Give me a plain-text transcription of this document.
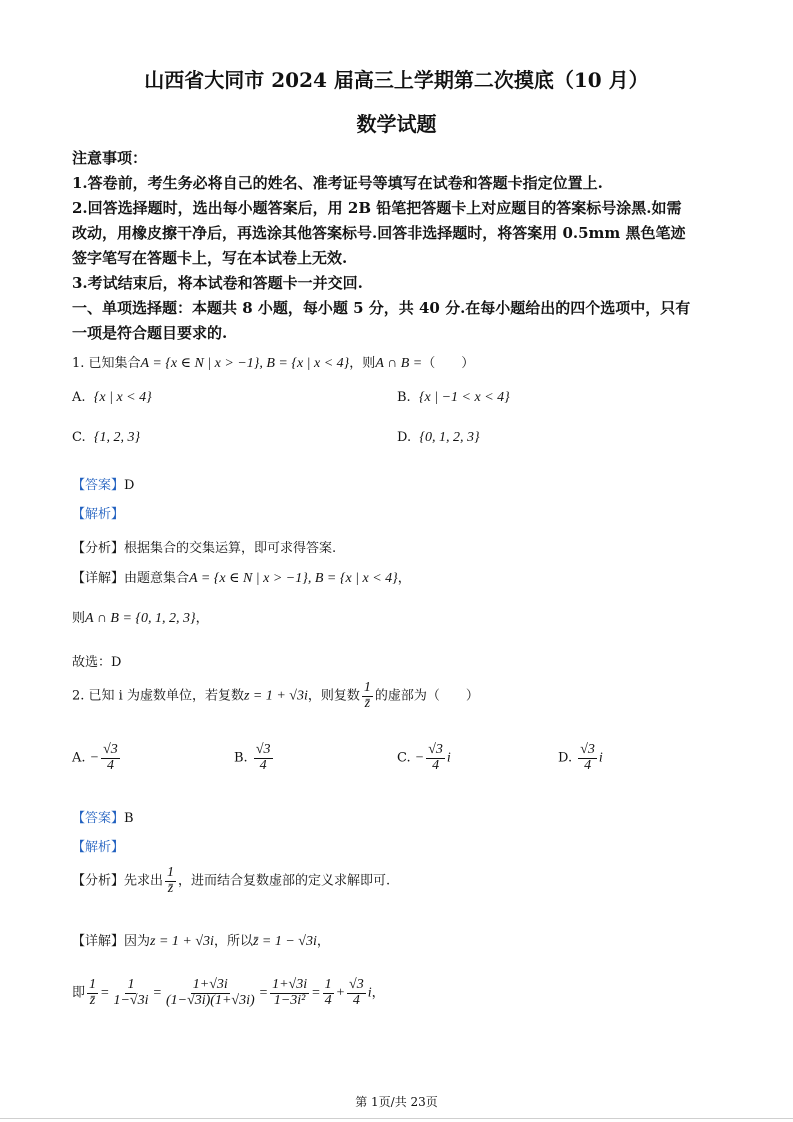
山西省大同市 2024 届高三上学期第二次摸底（10 月）
数学试题
注意事项：
1.答卷前，考生务必将自己的姓名、准考证号等填写在试卷和答题卡指定位置上.
2.回答选择题时，选出每小题答案后，用 2B 铅笔把答题卡上对应题目的答案标号涂黑.如需
改动，用橡皮擦干净后，再选涂其他答案标号.回答非选择题时，将答案用 0.5mm 黑色笔迹
签字笔写在答题卡上，写在本试卷上无效.
3.考试结束后，将本试卷和答题卡一并交回.
一、单项选择题：本题共 8 小题，每小题 5 分，共 40 分.在每小题给出的四个选项中，只有
一项是符合题目要求的.
1. 已知集合A = {x ∈ N | x > −1}, B = {x | x < 4}，则A ∩ B =（　　）
A. {x | x < 4}	B. {x | −1 < x < 4}
C. {1, 2, 3}	D. {0, 1, 2, 3}
【答案】D
【解析】
【分析】根据集合的交集运算，即可求得答案.
【详解】由题意集合A = {x ∈ N | x > −1}, B = {x | x < 4}，
则A ∩ B = {0, 1, 2, 3}，
故选：D
2. 已知 i 为虚数单位，若复数z = 1 + √3i，则复数 $\frac{1}{z̄}$ 的虚部为（　　）
A. − $\frac{√3}{4}$	B. $\frac{√3}{4}$	C. − $\frac{√3}{4}$ i	D. $\frac{√3}{4}$ i
【答案】B
【解析】
【分析】先求出 $\frac{1}{z̄}$ ，进而结合复数虚部的定义求解即可.
【详解】因为z = 1 + √3i，所以z̄ = 1 − √3i，
即 $\frac{1}{z̄} = \frac{1}{1-√3i} = \frac{1+√3i}{(1-√3i)(1+√3i)} = \frac{1+√3i}{\text{1−3i²}} = \frac{1}{4} + \frac{√3}{4}$ i，
第 1页/共 23页
